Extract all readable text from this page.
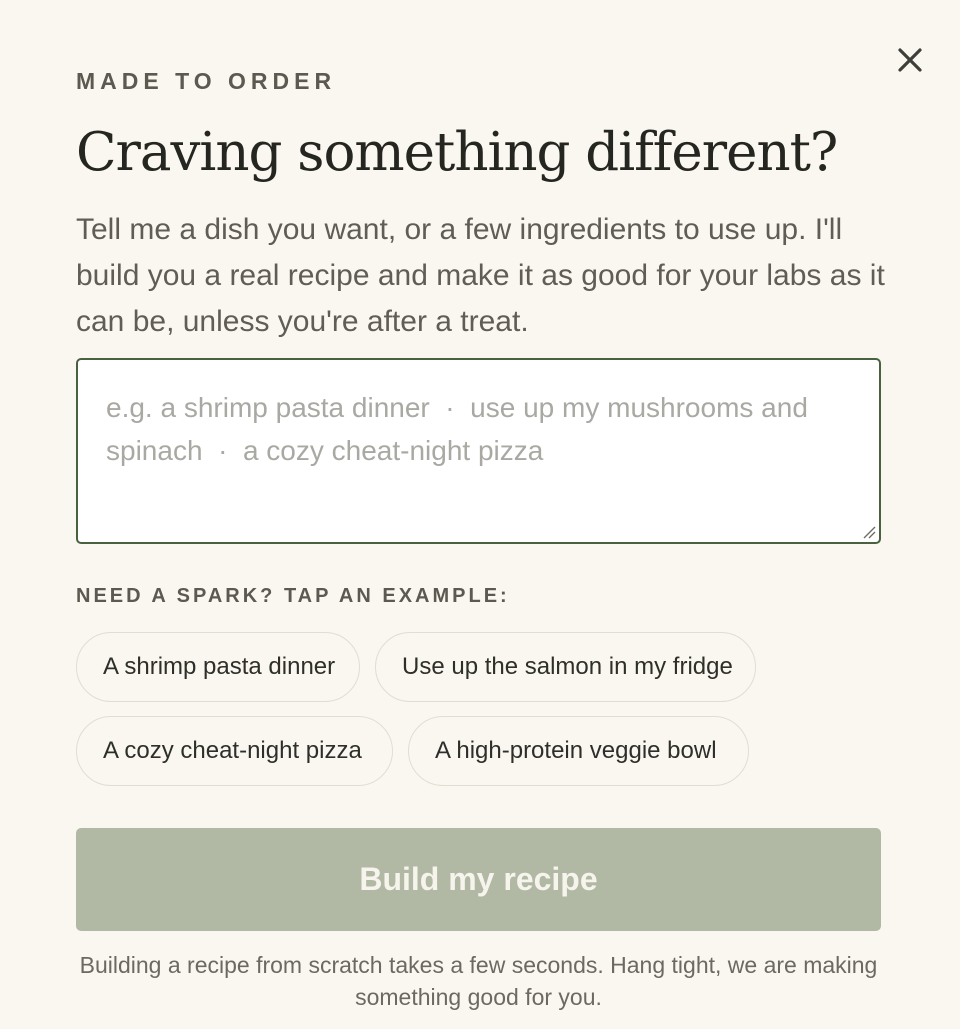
MADE TO ORDER
Craving something different?

Tell me a dish you want, or a few ingredients to use up. I'll build you a real recipe and make it as good for your labs as it can be, unless you're after a treat.

e.g. a shrimp pasta dinner · use up my mushrooms and spinach · a cozy cheat-night pizza
NEED A SPARK? TAP AN EXAMPLE:
A shrimp pasta dinner	Use up the salmon in my fridge
A cozy cheat-night pizza	A high-protein veggie bowl
Build my recipe

Building a recipe from scratch takes a few seconds. Hang tight, we are making something good for you.
